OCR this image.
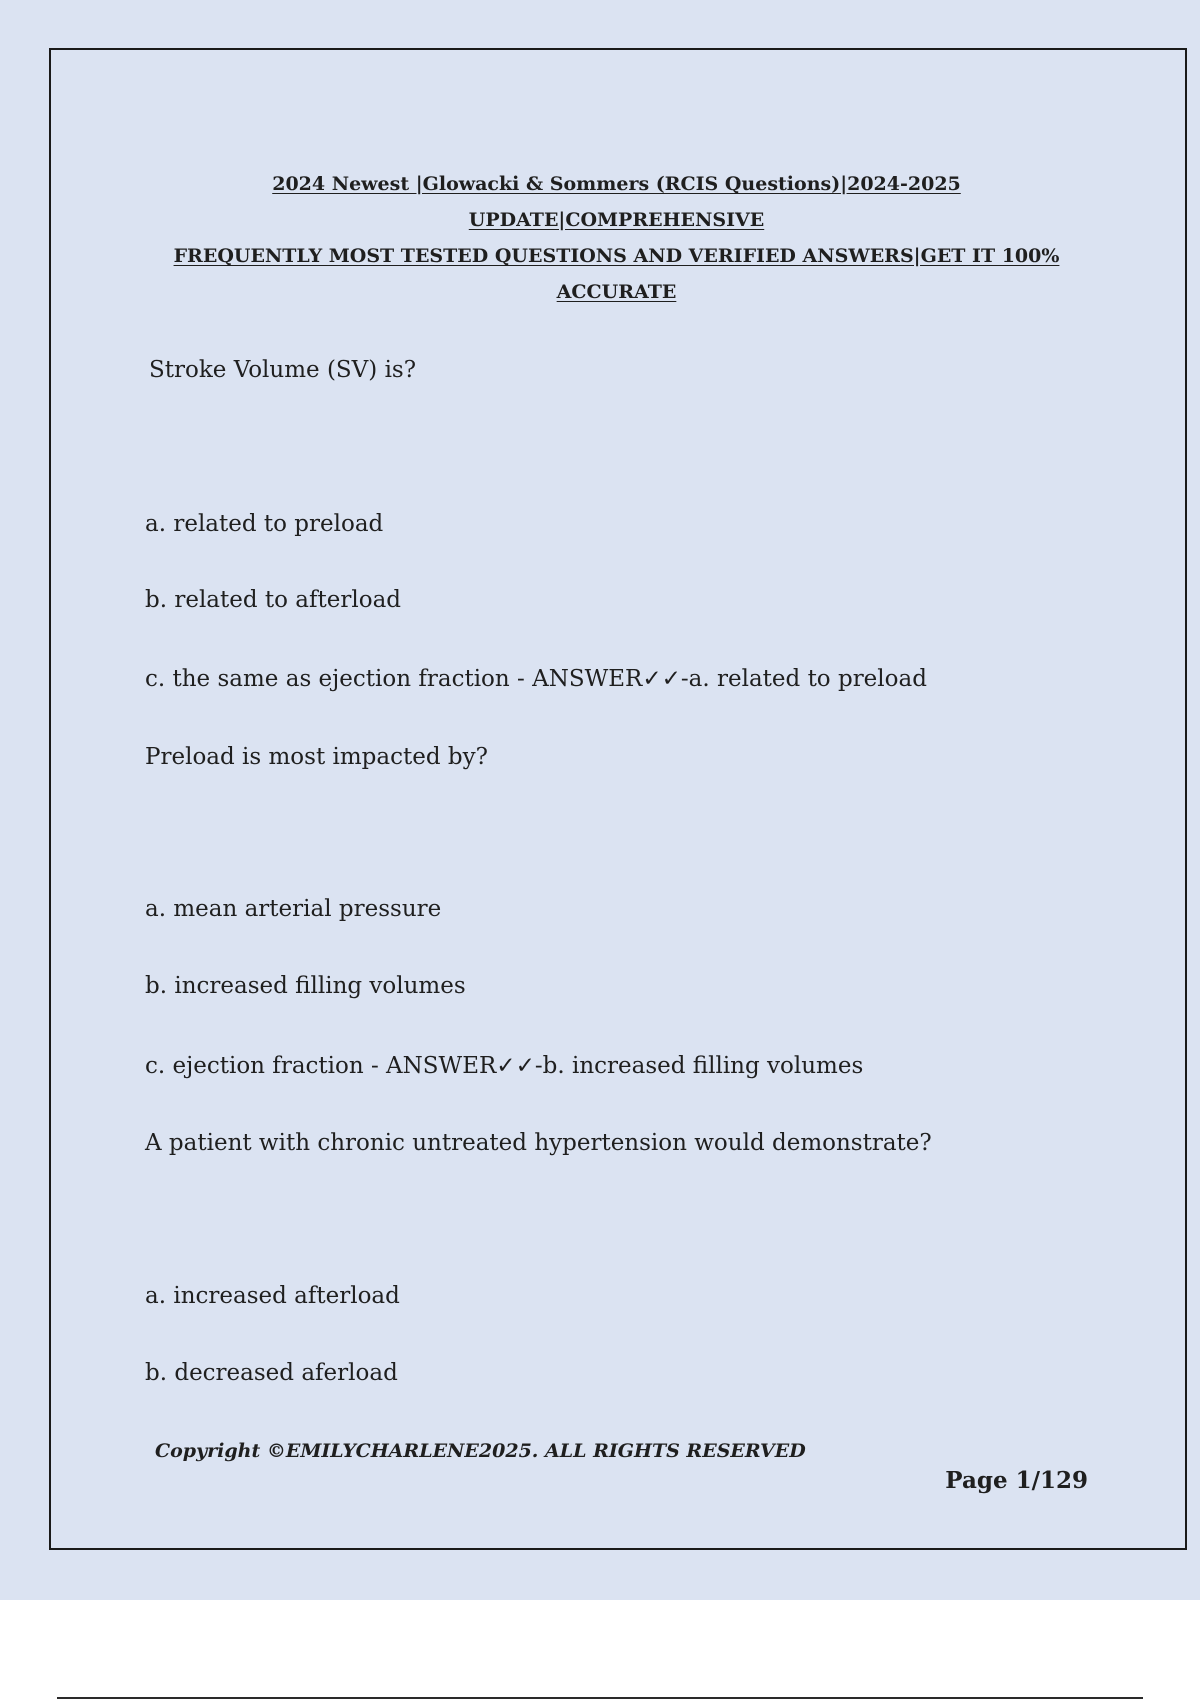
2024 Newest |Glowacki & Sommers (RCIS Questions)|2024-2025 UPDATE|COMPREHENSIVE
FREQUENTLY MOST TESTED QUESTIONS AND VERIFIED ANSWERS|GET IT 100%
ACCURATE
Stroke Volume (SV) is?
a. related to preload
b. related to afterload
c. the same as ejection fraction - ANSWER✓✓-a. related to preload
Preload is most impacted by?
a. mean arterial pressure
b. increased filling volumes
c. ejection fraction - ANSWER✓✓-b. increased filling volumes
A patient with chronic untreated hypertension would demonstrate?
a. increased afterload
b. decreased aferload
Copyright ©EMILYCHARLENE2025. ALL RIGHTS RESERVED
Page 1/129
